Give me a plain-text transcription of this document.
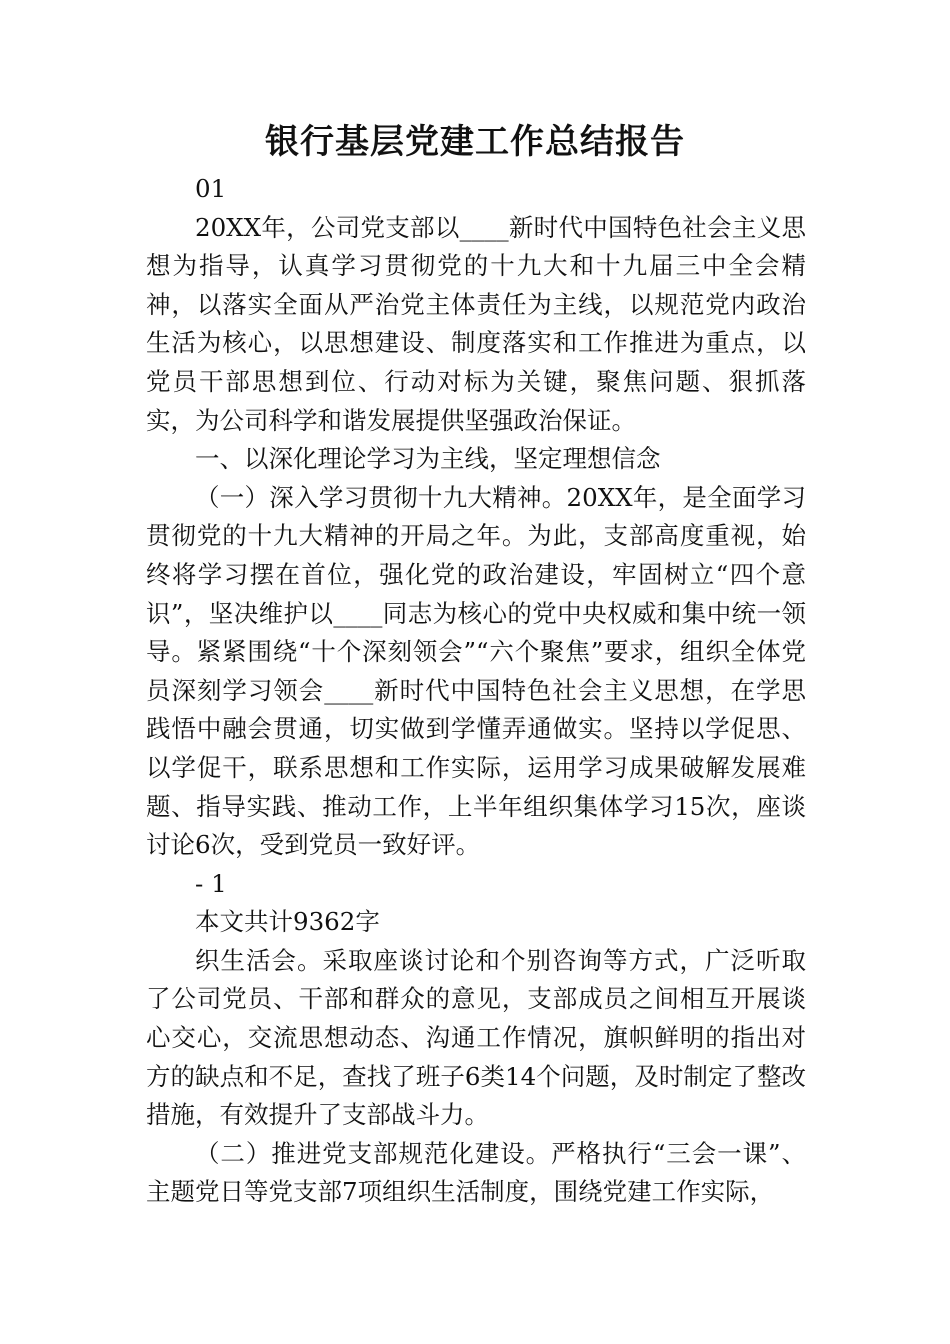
银行基层党建工作总结报告

01

20XX年，公司党支部以____新时代中国特色社会主义思想为指导，认真学习贯彻党的十九大和十九届三中全会精神，以落实全面从严治党主体责任为主线，以规范党内政治生活为核心，以思想建设、制度落实和工作推进为重点，以党员干部思想到位、行动对标为关键，聚焦问题、狠抓落实，为公司科学和谐发展提供坚强政治保证。

一、以深化理论学习为主线，坚定理想信念

（一）深入学习贯彻十九大精神。20XX年，是全面学习贯彻党的十九大精神的开局之年。为此，支部高度重视，始终将学习摆在首位，强化党的政治建设，牢固树立“四个意识”，坚决维护以____同志为核心的党中央权威和集中统一领导。紧紧围绕“十个深刻领会”“六个聚焦”要求，组织全体党员深刻学习领会____新时代中国特色社会主义思想，在学思践悟中融会贯通，切实做到学懂弄通做实。坚持以学促思、以学促干，联系思想和工作实际，运用学习成果破解发展难题、指导实践、推动工作，上半年组织集体学习15次，座谈讨论6次，受到党员一致好评。

- 1

本文共计9362字

织生活会。采取座谈讨论和个别咨询等方式，广泛听取了公司党员、干部和群众的意见，支部成员之间相互开展谈心交心，交流思想动态、沟通工作情况，旗帜鲜明的指出对方的缺点和不足，查找了班子6类14个问题，及时制定了整改措施，有效提升了支部战斗力。

（二）推进党支部规范化建设。严格执行“三会一课”、主题党日等党支部7项组织生活制度，围绕党建工作实际，
